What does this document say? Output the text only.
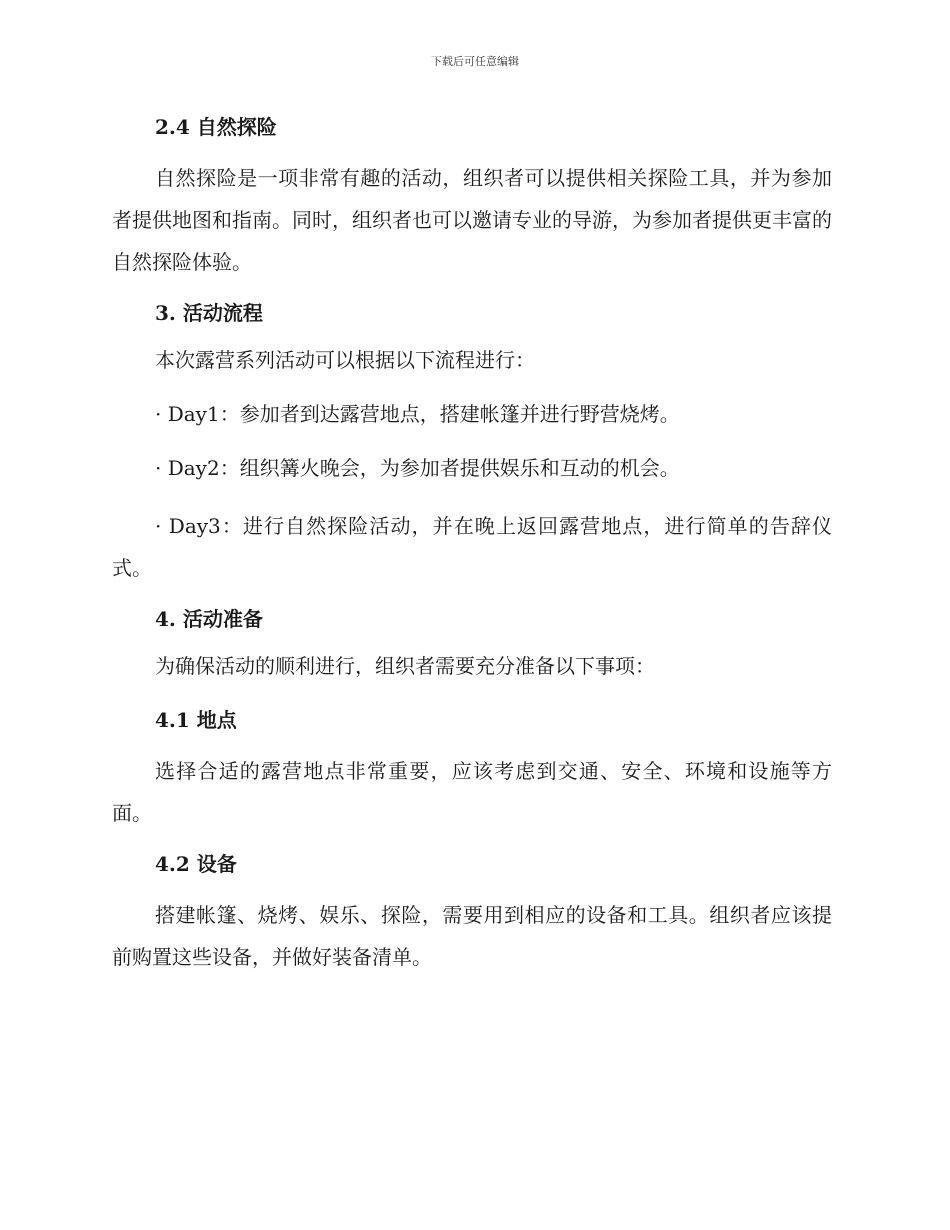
下载后可任意编辑
2.4 自然探险

自然探险是一项非常有趣的活动，组织者可以提供相关探险工具，并为参加者提供地图和指南。同时，组织者也可以邀请专业的导游，为参加者提供更丰富的自然探险体验。

3. 活动流程

本次露营系列活动可以根据以下流程进行：

· Day1：参加者到达露营地点，搭建帐篷并进行野营烧烤。

· Day2：组织篝火晚会，为参加者提供娱乐和互动的机会。

· Day3：进行自然探险活动，并在晚上返回露营地点，进行简单的告辞仪式。

4. 活动准备

为确保活动的顺利进行，组织者需要充分准备以下事项：

4.1 地点

选择合适的露营地点非常重要，应该考虑到交通、安全、环境和设施等方面。

4.2 设备

搭建帐篷、烧烤、娱乐、探险，需要用到相应的设备和工具。组织者应该提前购置这些设备，并做好装备清单。
